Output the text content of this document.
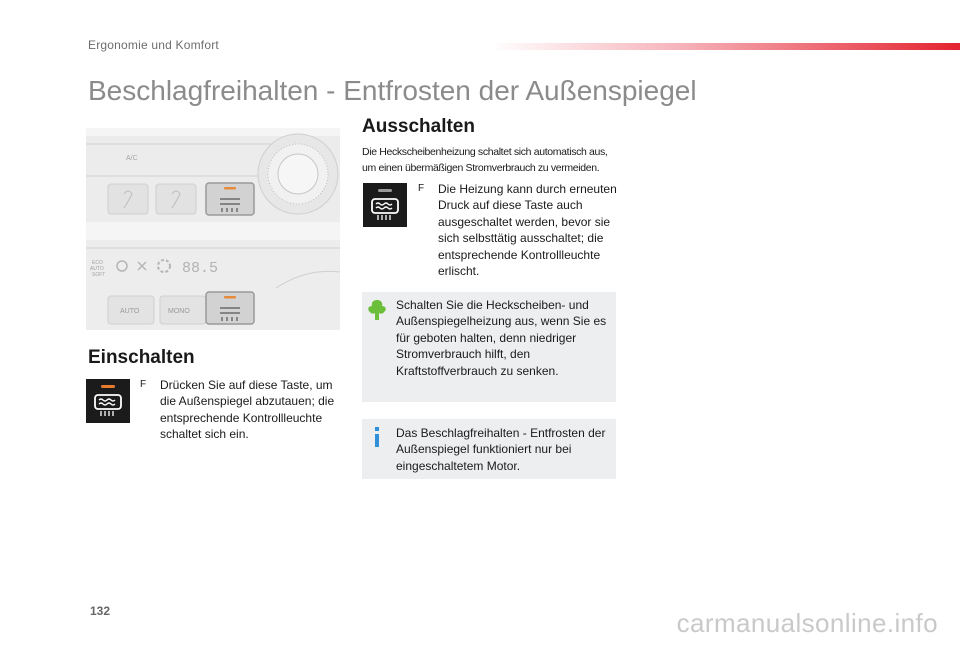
Ergonomie und Komfort
Beschlagfreihalten - Entfrosten der Außenspiegel
A/C
ECO
AUTO
SOFT	88.5
AUTO	MONO
Einschalten
F Drücken Sie auf diese Taste, um die Außenspiegel abzutauen; die entsprechende Kontrollleuchte schaltet sich ein.
Ausschalten
Die Heckscheibenheizung schaltet sich automatisch aus,
um einen übermäßigen Stromverbrauch zu vermeiden.
F Die Heizung kann durch erneuten Druck auf diese Taste auch ausgeschaltet werden, bevor sie sich selbsttätig ausschaltet; die entsprechende Kontrollleuchte erlischt.
Schalten Sie die Heckscheiben- und Außenspiegelheizung aus, wenn Sie es für geboten halten, denn niedriger Stromverbrauch hilft, den Kraftstoffverbrauch zu senken.
Das Beschlagfreihalten - Entfrosten der Außenspiegel funktioniert nur bei eingeschaltetem Motor.
132	carmanualsonline.info
